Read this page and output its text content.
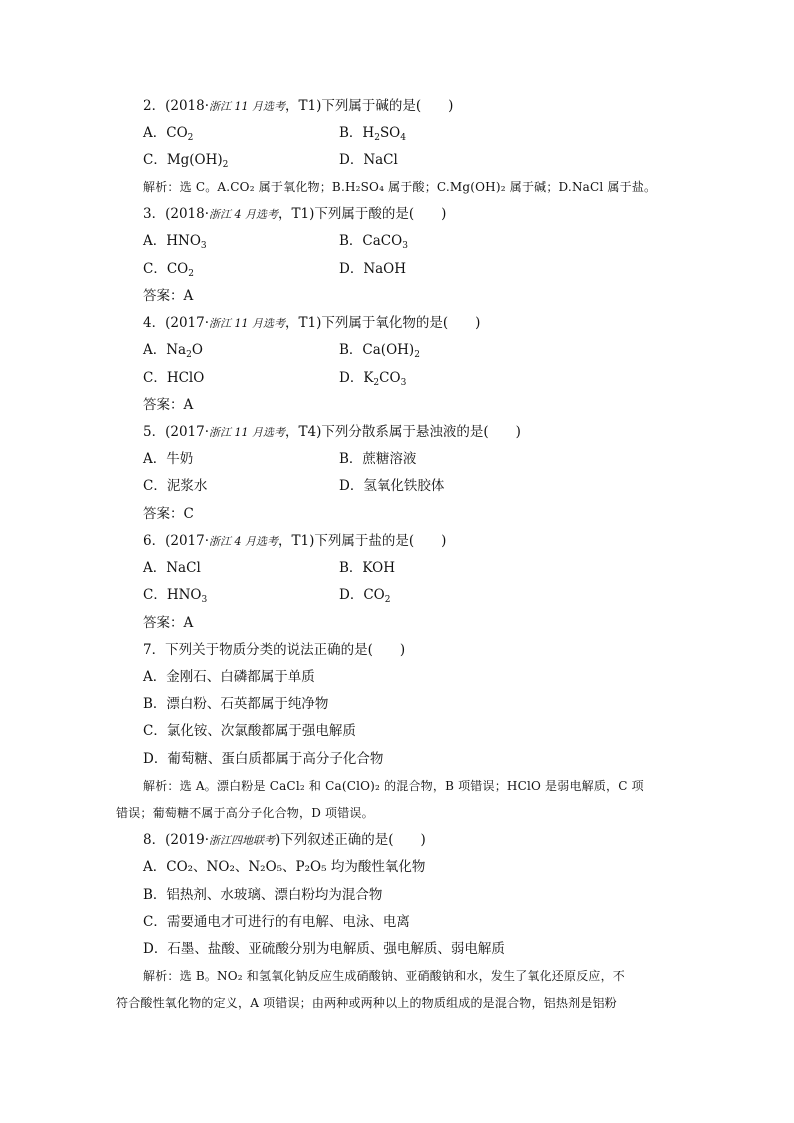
2．(2018·浙江 11 月选考，T1)下列属于碱的是(　　)
A．$CO_2$	B．$H_2SO_4$
C．$Mg(OH)_2$	D．NaCl
解析：选 C。A.CO₂ 属于氧化物；B.H₂SO₄ 属于酸；C.Mg(OH)₂ 属于碱；D.NaCl 属于盐。
3．(2018·浙江 4 月选考，T1)下列属于酸的是(　　)
A．$HNO_3$	B．CaCO$_3$
C．$CO_2$	D．NaOH
答案：A
4．(2017·浙江 11 月选考，T1)下列属于氧化物的是(　　)
A．$Na_2O$	B．$Ca(OH)_2$
C．HClO	D．$K_2CO_3$
答案：A
5．(2017·浙江 11 月选考，T4)下列分散系属于悬浊液的是(　　)
A．牛奶	B．蔗糖溶液
C．泥浆水	D．氢氧化铁胶体
答案：C
6．(2017·浙江 4 月选考，T1)下列属于盐的是(　　)
A．NaCl	B．KOH
C．$HNO_3$	D．$CO_2$
答案：A
7．下列关于物质分类的说法正确的是(　　)
A．金刚石、白磷都属于单质
B．漂白粉、石英都属于纯净物
C．氯化铵、次氯酸都属于强电解质
D．葡萄糖、蛋白质都属于高分子化合物
解析：选 A。漂白粉是 CaCl₂ 和 Ca(ClO)₂ 的混合物，B 项错误；HClO 是弱电解质，C 项
错误；葡萄糖不属于高分子化合物，D 项错误。
8．(2019·浙江四地联考)下列叙述正确的是(　　)
A．CO₂、NO₂、N₂O₅、P₂O₅ 均为酸性氧化物
B．铝热剂、水玻璃、漂白粉均为混合物
C．需要通电才可进行的有电解、电泳、电离
D．石墨、盐酸、亚硫酸分别为电解质、强电解质、弱电解质
解析：选 B。NO₂ 和氢氧化钠反应生成硝酸钠、亚硝酸钠和水，发生了氧化还原反应，不
符合酸性氧化物的定义，A 项错误；由两种或两种以上的物质组成的是混合物，铝热剂是铝粉
